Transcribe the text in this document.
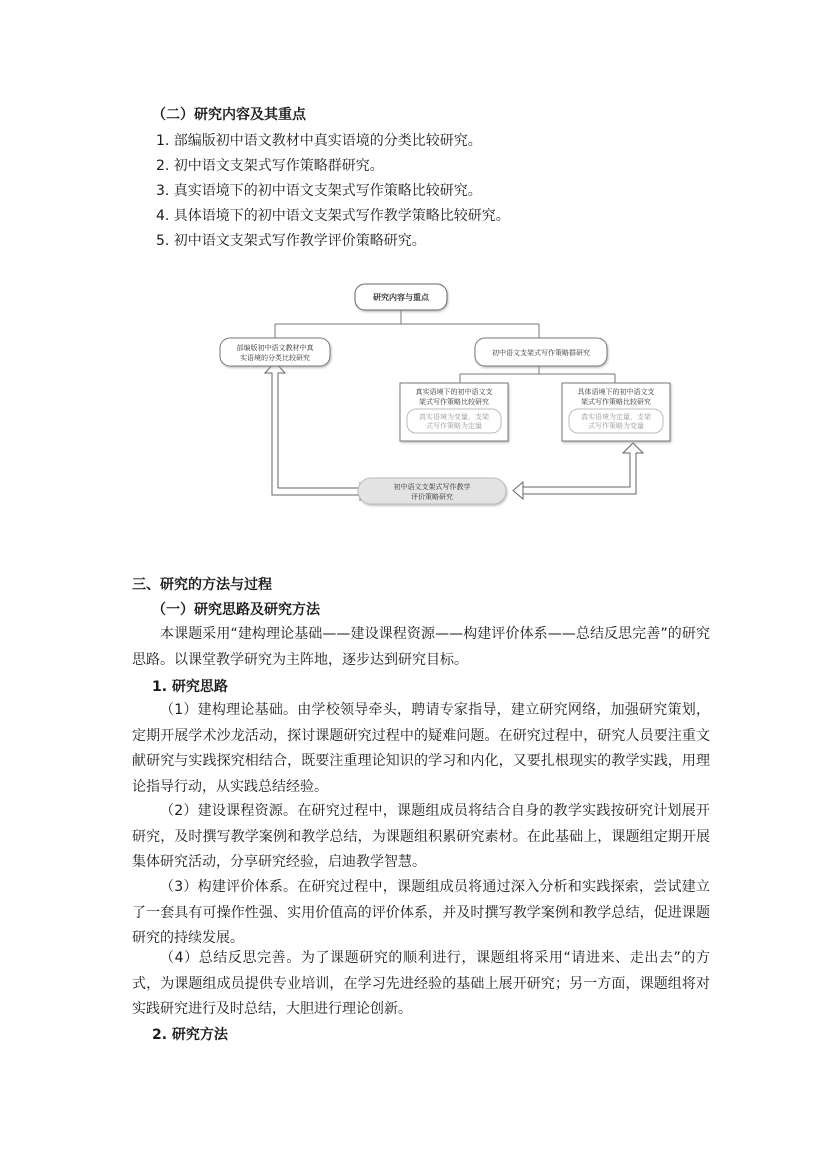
（二）研究内容及其重点
1. 部编版初中语文教材中真实语境的分类比较研究。
2. 初中语文支架式写作策略群研究。
3. 真实语境下的初中语文支架式写作策略比较研究。
4. 具体语境下的初中语文支架式写作教学策略比较研究。
5. 初中语文支架式写作教学评价策略研究。
研究内容与重点
部编版初中语文教材中真
实语境的分类比较研究
初中语文支架式写作策略群研究
真实语境下的初中语文支
架式写作策略比较研究
真实语境为变量，支架
式写作策略为定量
具体语境下的初中语文支
架式写作策略比较研究
真实语境为定量，支架
式写作策略为变量
初中语文支架式写作教学
评价策略研究
三、研究的方法与过程
（一）研究思路及研究方法
本课题采用“建构理论基础——建设课程资源——构建评价体系——总结反思完善”的研究思路。以课堂教学研究为主阵地，逐步达到研究目标。
1. 研究思路
（1）建构理论基础。由学校领导牵头，聘请专家指导，建立研究网络，加强研究策划，定期开展学术沙龙活动，探讨课题研究过程中的疑难问题。在研究过程中，研究人员要注重文献研究与实践探究相结合，既要注重理论知识的学习和内化，又要扎根现实的教学实践，用理论指导行动，从实践总结经验。
（2）建设课程资源。在研究过程中，课题组成员将结合自身的教学实践按研究计划展开研究，及时撰写教学案例和教学总结，为课题组积累研究素材。在此基础上，课题组定期开展集体研究活动，分享研究经验，启迪教学智慧。
（3）构建评价体系。在研究过程中，课题组成员将通过深入分析和实践探索，尝试建立了一套具有可操作性强、实用价值高的评价体系，并及时撰写教学案例和教学总结，促进课题研究的持续发展。
（4）总结反思完善。为了课题研究的顺利进行，课题组将采用“请进来、走出去”的方式，为课题组成员提供专业培训，在学习先进经验的基础上展开研究；另一方面，课题组将对实践研究进行及时总结，大胆进行理论创新。
2. 研究方法
